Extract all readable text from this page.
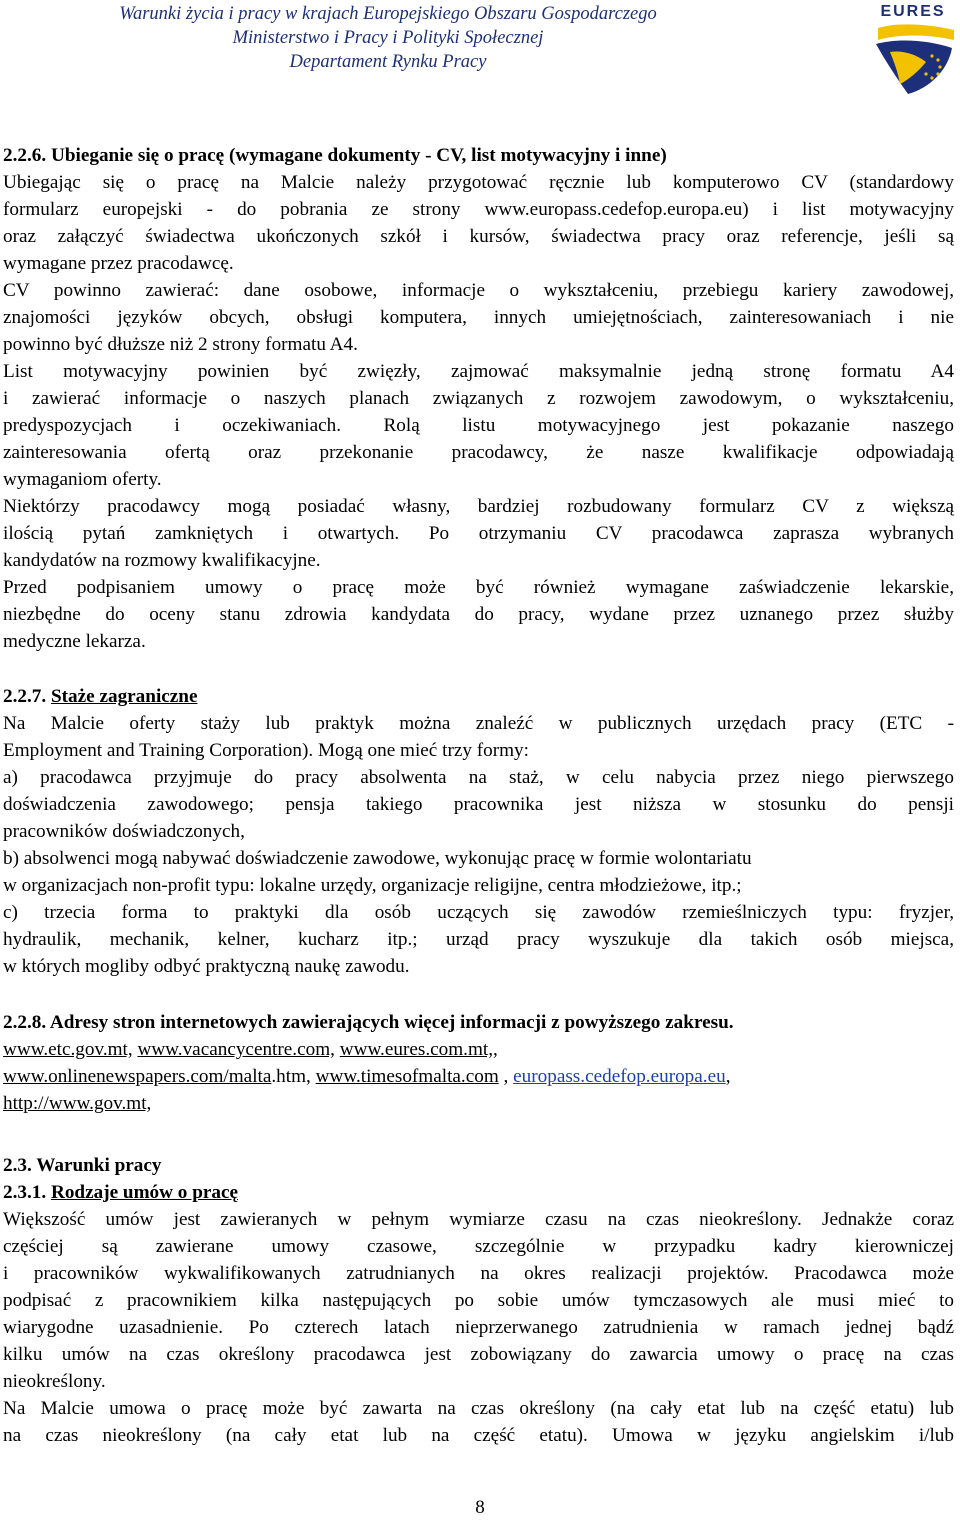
Warunki życia i pracy w krajach Europejskiego Obszaru Gospodarczego
Ministerstwo i Pracy i Polityki Społecznej
Departament Rynku Pracy
EURES
2.2.6. Ubieganie się o pracę (wymagane dokumenty - CV, list motywacyjny i inne)
Ubiegając się o pracę na Malcie należy przygotować ręcznie lub komputerowo CV (standardowy
formularz europejski - do pobrania ze strony www.europass.cedefop.europa.eu) i list motywacyjny
oraz załączyć świadectwa ukończonych szkół i kursów, świadectwa pracy oraz referencje, jeśli są
wymagane przez pracodawcę.
CV powinno zawierać: dane osobowe, informacje o wykształceniu, przebiegu kariery zawodowej,
znajomości języków obcych, obsługi komputera, innych umiejętnościach, zainteresowaniach i nie
powinno być dłuższe niż 2 strony formatu A4.
List motywacyjny powinien być zwięzły, zajmować maksymalnie jedną stronę formatu A4
i zawierać informacje o naszych planach związanych z rozwojem zawodowym, o wykształceniu,
predyspozycjach i oczekiwaniach. Rolą listu motywacyjnego jest pokazanie naszego
zainteresowania ofertą oraz przekonanie pracodawcy, że nasze kwalifikacje odpowiadają
wymaganiom oferty.
Niektórzy pracodawcy mogą posiadać własny, bardziej rozbudowany formularz CV z większą
ilością pytań zamkniętych i otwartych. Po otrzymaniu CV pracodawca zaprasza wybranych
kandydatów na rozmowy kwalifikacyjne.
Przed podpisaniem umowy o pracę może być również wymagane zaświadczenie lekarskie,
niezbędne do oceny stanu zdrowia kandydata do pracy, wydane przez uznanego przez służby
medyczne lekarza.
2.2.7. Staże zagraniczne
Na Malcie oferty staży lub praktyk można znaleźć w publicznych urzędach pracy (ETC -
Employment and Training Corporation). Mogą one mieć trzy formy:
a) pracodawca przyjmuje do pracy absolwenta na staż, w celu nabycia przez niego pierwszego
doświadczenia zawodowego; pensja takiego pracownika jest niższa w stosunku do pensji
pracowników doświadczonych,
b) absolwenci mogą nabywać doświadczenie zawodowe, wykonując pracę w formie wolontariatu
w organizacjach non-profit typu: lokalne urzędy, organizacje religijne, centra młodzieżowe, itp.;
c) trzecia forma to praktyki dla osób uczących się zawodów rzemieślniczych typu: fryzjer,
hydraulik, mechanik, kelner, kucharz itp.; urząd pracy wyszukuje dla takich osób miejsca,
w których mogliby odbyć praktyczną naukę zawodu.
2.2.8. Adresy stron internetowych zawierających więcej informacji z powyższego zakresu.
www.etc.gov.mt, www.vacancycentre.com, www.eures.com.mt,,
www.onlinenewspapers.com/malta.htm, www.timesofmalta.com , europass.cedefop.europa.eu,
http://www.gov.mt,
2.3. Warunki pracy
2.3.1. Rodzaje umów o pracę
Większość umów jest zawieranych w pełnym wymiarze czasu na czas nieokreślony. Jednakże coraz
częściej są zawierane umowy czasowe, szczególnie w przypadku kadry kierowniczej
i pracowników wykwalifikowanych zatrudnianych na okres realizacji projektów. Pracodawca może
podpisać z pracownikiem kilka następujących po sobie umów tymczasowych ale musi mieć to
wiarygodne uzasadnienie. Po czterech latach nieprzerwanego zatrudnienia w ramach jednej bądź
kilku umów na czas określony pracodawca jest zobowiązany do zawarcia umowy o pracę na czas
nieokreślony.
Na Malcie umowa o pracę może być zawarta na czas określony (na cały etat lub na część etatu) lub
na czas nieokreślony (na cały etat lub na część etatu). Umowa w języku angielskim i/lub
8
